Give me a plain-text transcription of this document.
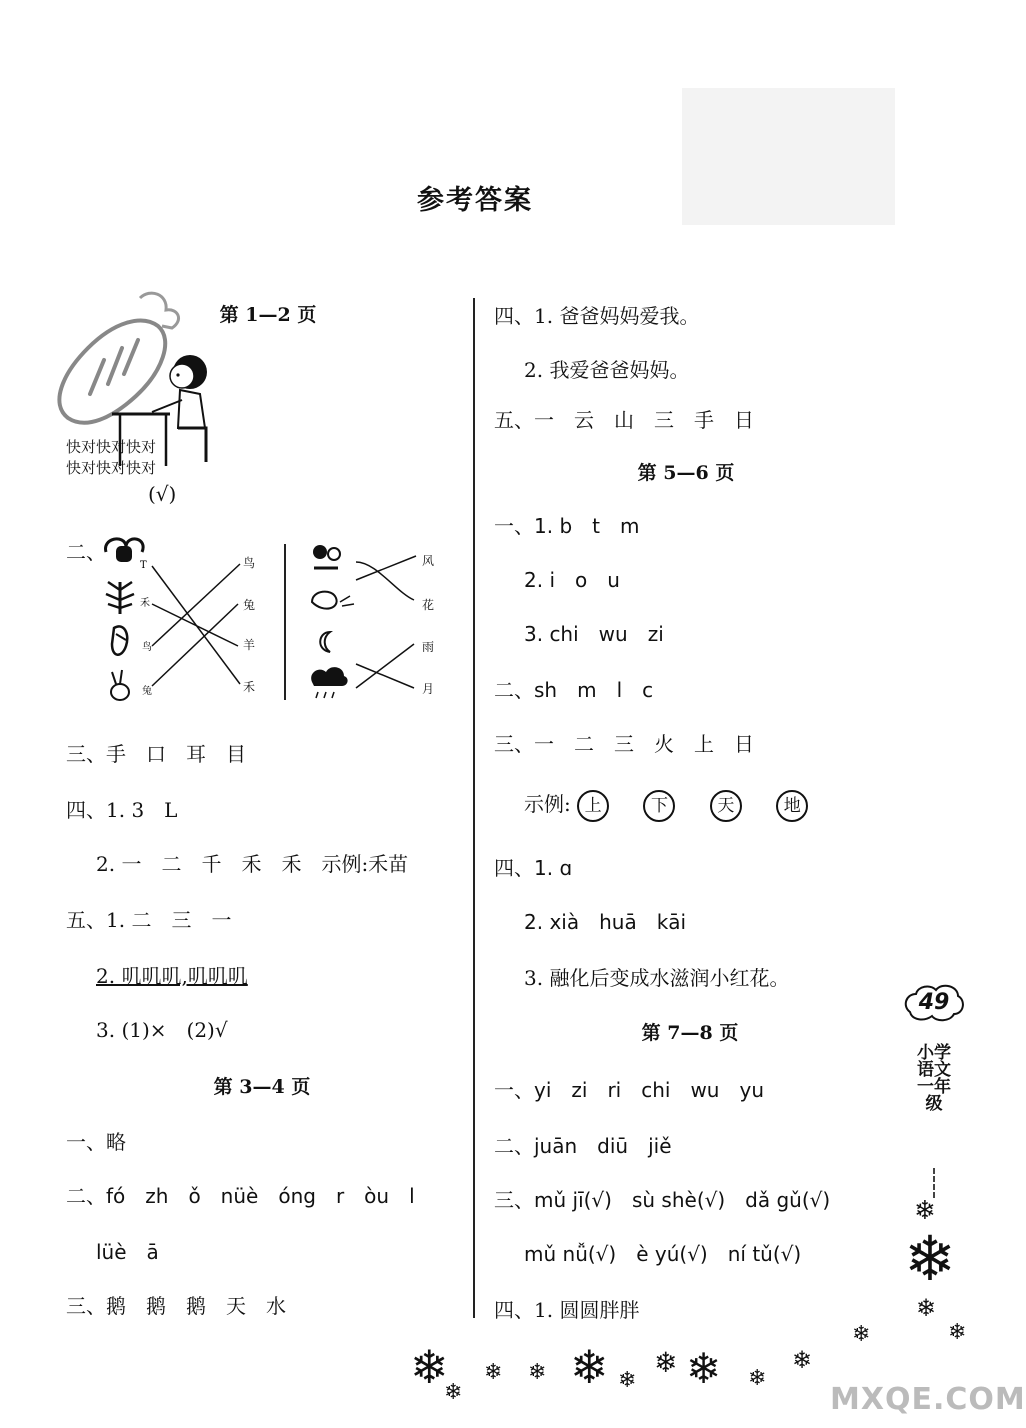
参考答案
第 1—2 页
快对快对快对
快对快对快对
(√)
二、
T
禾
鸟
兔
鸟
兔
羊
禾
风
花
雨
月
三、手　口　耳　目
四、1. 3　L
2. 一　二　千　禾　禾　示例:禾苗
五、1. 二　三　一
2. 叽叽叽,叽叽叽
3. (1)×　(2)√
第 3—4 页
一、略
二、fó　zh　ǒ　nüè　óng　r　òu　l
lüè　ā
三、鹅　鹅　鹅　天　水
四、1. 爸爸妈妈爱我。
2. 我爱爸爸妈妈。
五、一　云　山　三　手　日
第 5—6 页
一、1. b　t　m
2. i　o　u
3. chi　wu　zi
二、sh　m　l　c
三、一　二　三　火　上　日
示例: 上	下	天	地
四、1. ɑ
2. xià　huā　kāi
3. 融化后变成水滋润小红花。
第 7—8 页
一、yi　zi　ri　chi　wu　yu
二、juān　diū　jiě
三、mǔ jī(√)　sù shè(√)　dǎ gǔ(√)
mǔ nǚ(√)　è yú(√)　ní tǔ(√)
四、1. 圆圆胖胖
49
小学语文一年级
❄
❄
❄
❄
❄
❄ ❄ ❄ ❄
❄ ❄ ❄
❄
❄	❄
MXQE.COM
